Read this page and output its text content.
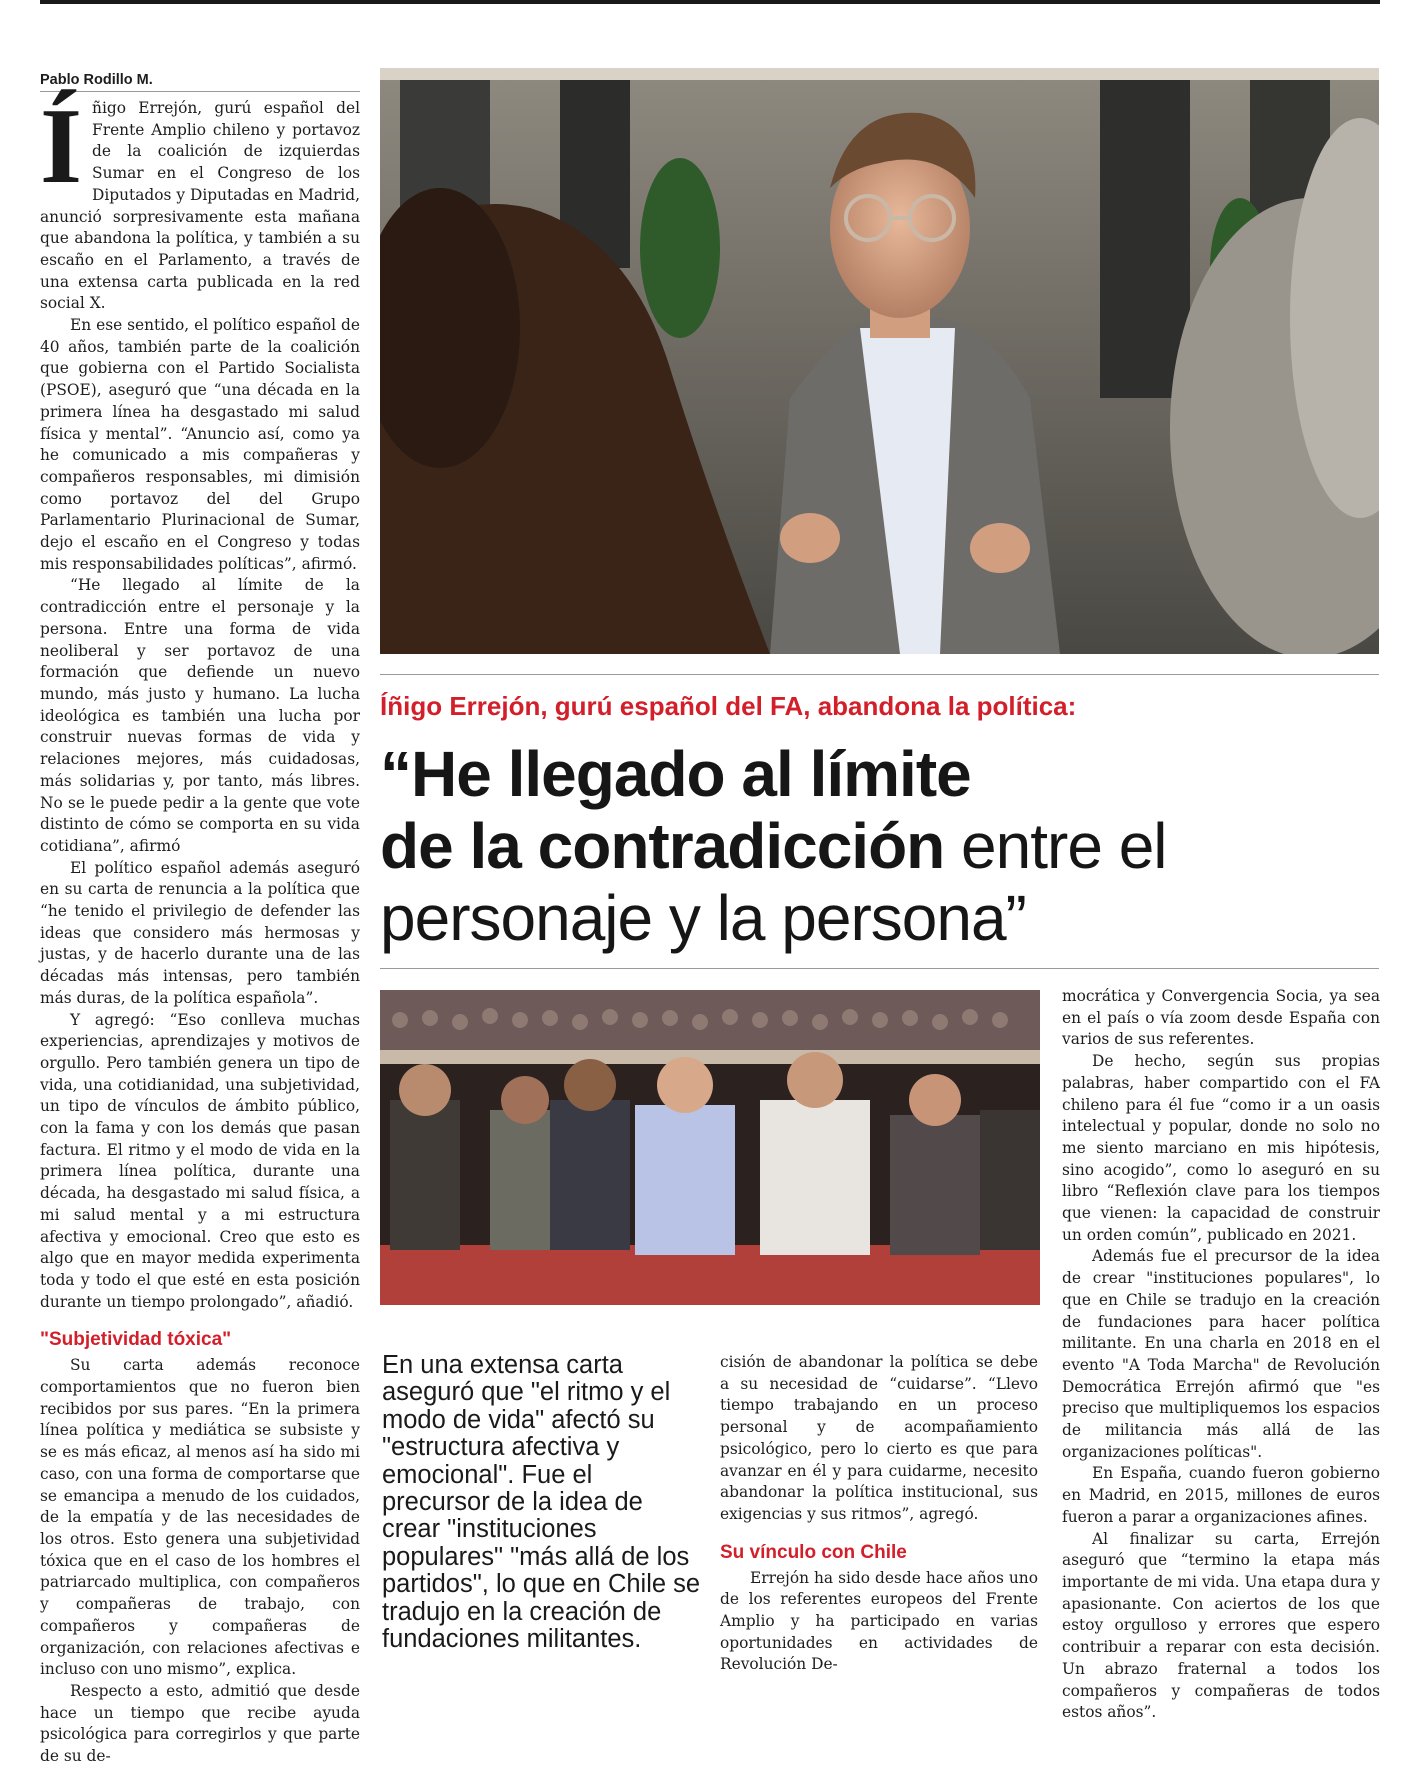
Pablo Rodillo M.

Íñigo Errejón, gurú español del Frente Amplio chileno y portavoz de la coalición de izquierdas Sumar en el Congreso de los Diputados y Diputadas en Madrid, anunció sorpresivamente esta mañana que abandona la política, y también a su escaño en el Parlamento, a través de una extensa carta publicada en la red social X.

En ese sentido, el político español de 40 años, también parte de la coalición que gobierna con el Partido Socialista (PSOE), aseguró que “una década en la primera línea ha desgastado mi salud física y mental”. “Anuncio así, como ya he comunicado a mis compañeras y compañeros responsables, mi dimisión como portavoz del del Grupo Parlamentario Plurinacional de Sumar, dejo el escaño en el Congreso y todas mis responsabilidades políticas”, afirmó.

“He llegado al límite de la contradicción entre el personaje y la persona. Entre una forma de vida neoliberal y ser portavoz de una formación que defiende un nuevo mundo, más justo y humano. La lucha ideológica es también una lucha por construir nuevas formas de vida y relaciones mejores, más cuidadosas, más solidarias y, por tanto, más libres. No se le puede pedir a la gente que vote distinto de cómo se comporta en su vida cotidiana”, afirmó

El político español además aseguró en su carta de renuncia a la política que “he tenido el privilegio de defender las ideas que considero más hermosas y justas, y de hacerlo durante una de las décadas más intensas, pero también más duras, de la política española”.

Y agregó: “Eso conlleva muchas experiencias, aprendizajes y motivos de orgullo. Pero también genera un tipo de vida, una cotidianidad, una subjetividad, un tipo de vínculos de ámbito público, con la fama y con los demás que pasan factura. El ritmo y el modo de vida en la primera línea política, durante una década, ha desgastado mi salud física, a mi salud mental y a mi estructura afectiva y emocional. Creo que esto es algo que en mayor medida experimenta toda y todo el que esté en esta posición durante un tiempo prolongado”, añadió.

"Subjetividad tóxica"

Su carta además reconoce comportamientos que no fueron bien recibidos por sus pares. “En la primera línea política y mediática se subsiste y se es más eficaz, al menos así ha sido mi caso, con una forma de comportarse que se emancipa a menudo de los cuidados, de la empatía y de las necesidades de los otros. Esto genera una subjetividad tóxica que en el caso de los hombres el patriarcado multiplica, con compañeros y compañeras de trabajo, con compañeros y compañeras de organización, con relaciones afectivas e incluso con uno mismo”, explica.

Respecto a esto, admitió que desde hace un tiempo que recibe ayuda psicológica para corregirlos y que parte de su de-

Íñigo Errejón, gurú español del FA, abandona la política:
“He llegado al límite
de la contradicción entre el
personaje y la persona”
En una extensa carta aseguró que "el ritmo y el modo de vida" afectó su "estructura afectiva y emocional". Fue el precursor de la idea de crear "instituciones populares" "más allá de los partidos", lo que en Chile se tradujo en la creación de fundaciones militantes.

cisión de abandonar la política se debe a su necesidad de “cuidarse”. “Llevo tiempo trabajando en un proceso personal y de acompañamiento psicológico, pero lo cierto es que para avanzar en él y para cuidarme, necesito abandonar la política institucional, sus exigencias y sus ritmos”, agregó.

Su vínculo con Chile

Errejón ha sido desde hace años uno de los referentes europeos del Frente Amplio y ha participado en varias oportunidades en actividades de Revolución De-

mocrática y Convergencia Socia, ya sea en el país o vía zoom desde España con varios de sus referentes.

De hecho, según sus propias palabras, haber compartido con el FA chileno para él fue “como ir a un oasis intelectual y popular, donde no solo no me siento marciano en mis hipótesis, sino acogido”, como lo aseguró en su libro “Reflexión clave para los tiempos que vienen: la capacidad de construir un orden común”, publicado en 2021.

Además fue el precursor de la idea de crear "instituciones populares", lo que en Chile se tradujo en la creación de fundaciones para hacer política militante. En una charla en 2018 en el evento "A Toda Marcha" de Revolución Democrática Errejón afirmó que "es preciso que multipliquemos los espacios de militancia más allá de las organizaciones políticas".

En España, cuando fueron gobierno en Madrid, en 2015, millones de euros fueron a parar a organizaciones afines.

Al finalizar su carta, Errejón aseguró que “termino la etapa más importante de mi vida. Una etapa dura y apasionante. Con aciertos de los que estoy orgulloso y errores que espero contribuir a reparar con esta decisión. Un abrazo fraternal a todos los compañeros y compañeras de todos estos años”.
